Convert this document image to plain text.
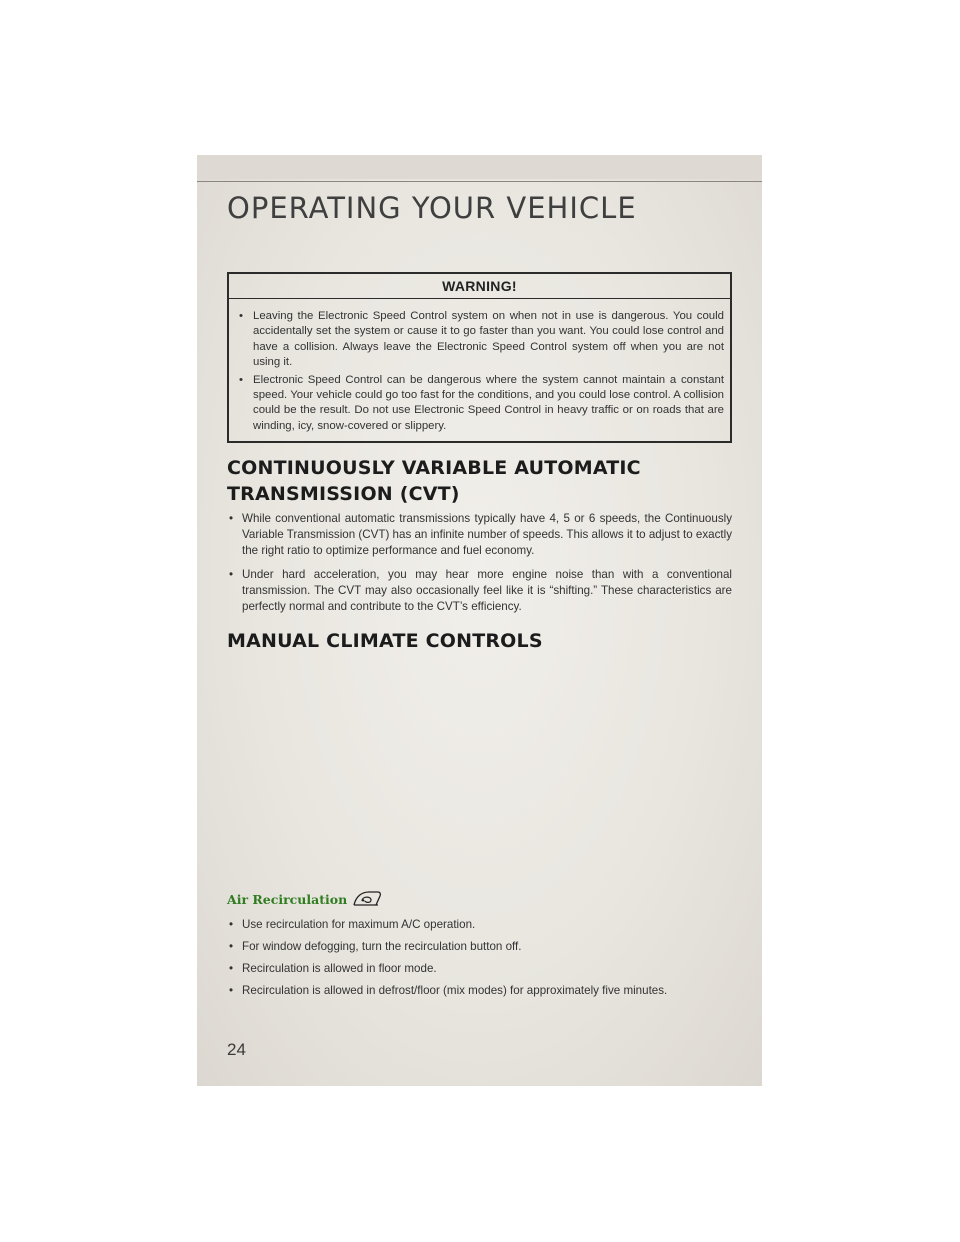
OPERATING YOUR VEHICLE
WARNING!
• Leaving the Electronic Speed Control system on when not in use is dangerous. You could accidentally set the system or cause it to go faster than you want. You could lose control and have a collision. Always leave the Electronic Speed Control system off when you are not using it.
• Electronic Speed Control can be dangerous where the system cannot maintain a constant speed. Your vehicle could go too fast for the conditions, and you could lose control. A collision could be the result. Do not use Electronic Speed Control in heavy traffic or on roads that are winding, icy, snow-covered or slippery.
CONTINUOUSLY VARIABLE AUTOMATIC
TRANSMISSION (CVT)
• While conventional automatic transmissions typically have 4, 5 or 6 speeds, the Continuously Variable Transmission (CVT) has an infinite number of speeds. This allows it to adjust to exactly the right ratio to optimize performance and fuel economy.
• Under hard acceleration, you may hear more engine noise than with a conventional transmission. The CVT may also occasionally feel like it is “shifting.” These characteristics are perfectly normal and contribute to the CVT’s efficiency.
MANUAL CLIMATE CONTROLS
Air Recirculation
• Use recirculation for maximum A/C operation.
• For window defogging, turn the recirculation button off.
• Recirculation is allowed in floor mode.
• Recirculation is allowed in defrost/floor (mix modes) for approximately five minutes.
24
